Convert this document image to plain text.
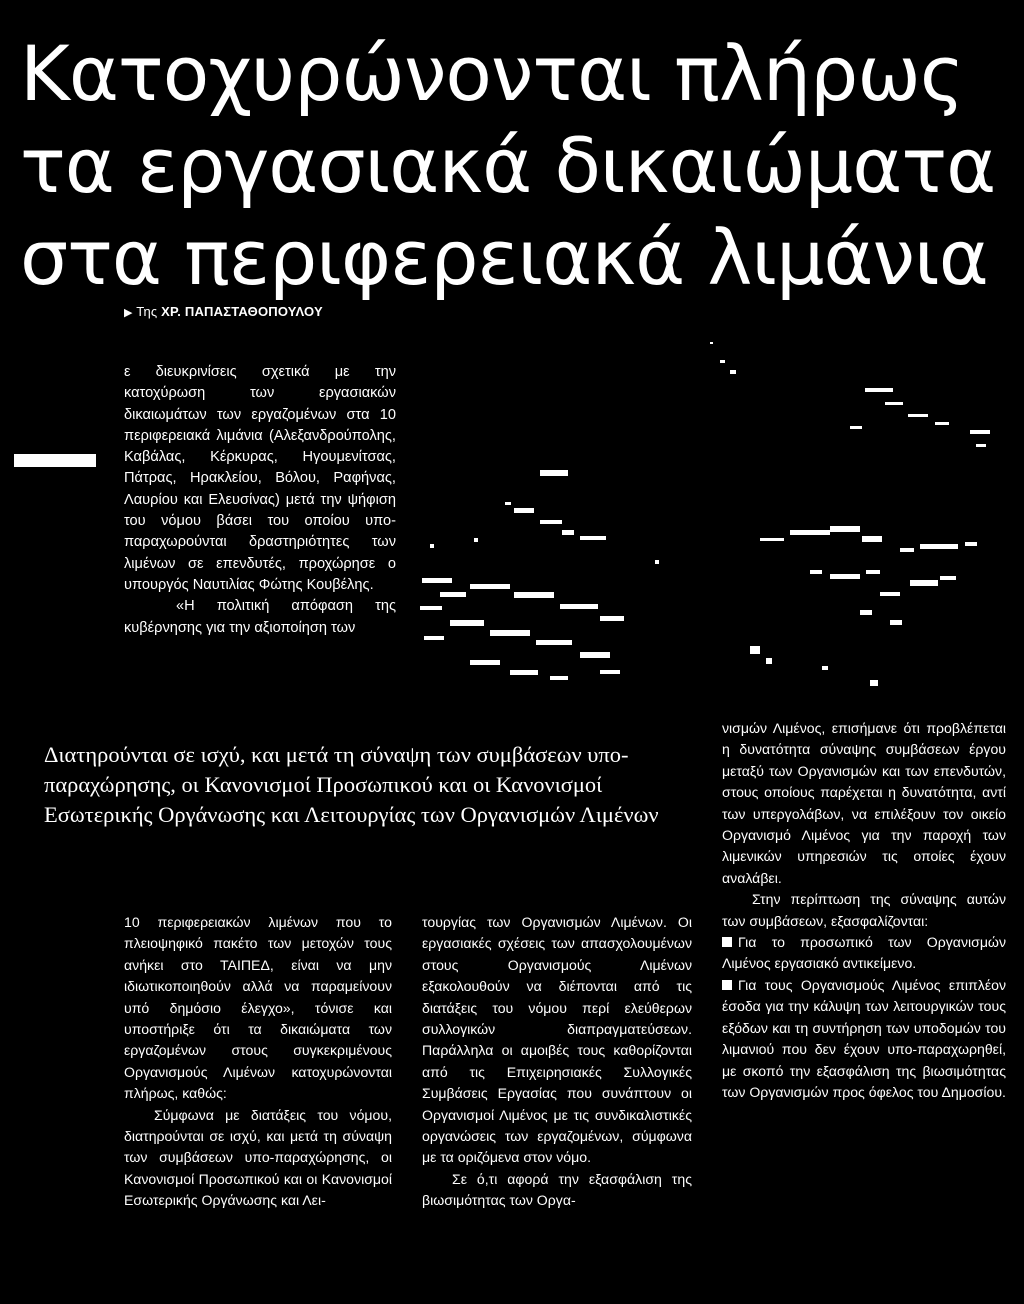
Κατοχυρώνονται πλήρως
τα εργασιακά δικαιώματα
στα περιφερειακά λιμάνια
▶ Της ΧΡ. ΠΑΠΑΣΤΑΘΟΠΟΥΛΟΥ

ε διευκρινίσεις σχετικά με την κατοχύρωση των εργασιακών δικαιωμάτων των εργαζομένων στα 10 περιφερειακά λιμάνια (Αλεξανδρούπολης, Καβάλας, Κέρκυρας, Ηγουμενίτσας, Πάτρας, Ηρακλείου, Βόλου, Ραφήνας, Λαυρίου και Ελευσίνας) μετά την ψήφιση του νόμου βάσει του οποίου υπο-παραχωρούνται δραστηριότητες των λιμένων σε επενδυτές, προχώρησε ο υπουργός Ναυτιλίας Φώτης Κουβέλης.

«Η πολιτική απόφαση της κυβέρνησης για την αξιοποίηση των

Διατηρούνται σε ισχύ, και μετά τη σύναψη των συμβάσεων υπο-παραχώρησης, οι Κανονισμοί Προσωπικού και οι Κανονισμοί Εσωτερικής Οργάνωσης και Λειτουργίας των Οργανισμών Λιμένων

10 περιφερειακών λιμένων που το πλειοψηφικό πακέτο των μετοχών τους ανήκει στο ΤΑΙΠΕΔ, είναι να μην ιδιωτικοποιηθούν αλλά να παραμείνουν υπό δημόσιο έλεγχο», τόνισε και υποστήριξε ότι τα δικαιώματα των εργαζομένων στους συγκεκριμένους Οργανισμούς Λιμένων κατοχυρώνονται πλήρως, καθώς:

Σύμφωνα με διατάξεις του νόμου, διατηρούνται σε ισχύ, και μετά τη σύναψη των συμβάσεων υπο-παραχώρησης, οι Κανονισμοί Προσωπικού και οι Κανονισμοί Εσωτερικής Οργάνωσης και Λει-

τουργίας των Οργανισμών Λιμένων. Οι εργασιακές σχέσεις των απασχολουμένων στους Οργανισμούς Λιμένων εξακολουθούν να διέπονται από τις διατάξεις του νόμου περί ελεύθερων συλλογικών διαπραγματεύσεων. Παράλληλα οι αμοιβές τους καθορίζονται από τις Επιχειρησιακές Συλλογικές Συμβάσεις Εργασίας που συνάπτουν οι Οργανισμοί Λιμένος με τις συνδικαλιστικές οργανώσεις των εργαζομένων, σύμφωνα με τα οριζόμενα στον νόμο.

Σε ό,τι αφορά την εξασφάλιση της βιωσιμότητας των Οργα-

νισμών Λιμένος, επισήμανε ότι προβλέπεται η δυνατότητα σύναψης συμβάσεων έργου μεταξύ των Οργανισμών και των επενδυτών, στους οποίους παρέχεται η δυνατότητα, αντί των υπεργολάβων, να επιλέξουν τον οικείο Οργανισμό Λιμένος για την παροχή των λιμενικών υπηρεσιών τις οποίες έχουν αναλάβει.

Στην περίπτωση της σύναψης αυτών των συμβάσεων, εξασφαλίζονται:

Για το προσωπικό των Οργανισμών Λιμένος εργασιακό αντικείμενο.

Για τους Οργανισμούς Λιμένος επιπλέον έσοδα για την κάλυψη των λειτουργικών τους εξόδων και τη συντήρηση των υποδομών του λιμανιού που δεν έχουν υπο-παραχωρηθεί, με σκοπό την εξασφάλιση της βιωσιμότητας των Οργανισμών προς όφελος του Δημοσίου.
